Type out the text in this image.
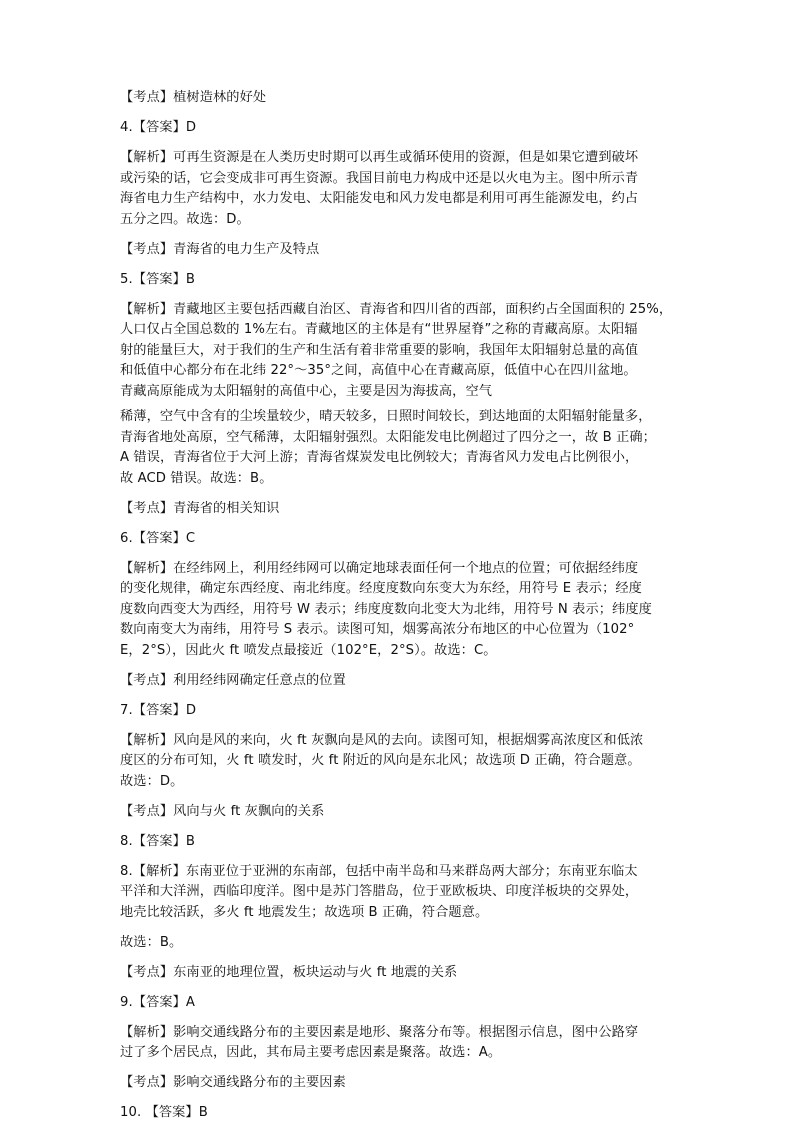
【考点】植树造林的好处
4.【答案】D
【解析】可再生资源是在人类历史时期可以再生或循环使用的资源，但是如果它遭到破坏
或污染的话，它会变成非可再生资源。我国目前电力构成中还是以火电为主。图中所示青
海省电力生产结构中，水力发电、太阳能发电和风力发电都是利用可再生能源发电，约占
五分之四。故选：D。
【考点】青海省的电力生产及特点
5.【答案】B
【解析】青藏地区主要包括西藏自治区、青海省和四川省的西部，面积约占全国面积的 25%，
人口仅占全国总数的 1%左右。青藏地区的主体是有“世界屋脊”之称的青藏高原。太阳辐
射的能量巨大，对于我们的生产和生活有着非常重要的影响，我国年太阳辐射总量的高值
和低值中心都分布在北纬 22°～35°之间，高值中心在青藏高原，低值中心在四川盆地。
青藏高原能成为太阳辐射的高值中心，主要是因为海拔高，空气
稀薄，空气中含有的尘埃量较少，晴天较多，日照时间较长，到达地面的太阳辐射能量多，
青海省地处高原，空气稀薄，太阳辐射强烈。太阳能发电比例超过了四分之一，故 B 正确；
A 错误，青海省位于大河上游；青海省煤炭发电比例较大；青海省风力发电占比例很小，
故 ACD 错误。故选：B。
【考点】青海省的相关知识
6.【答案】C
【解析】在经纬网上，利用经纬网可以确定地球表面任何一个地点的位置；可依据经纬度
的变化规律，确定东西经度、南北纬度。经度度数向东变大为东经，用符号 E 表示；经度
度数向西变大为西经，用符号 W 表示；纬度度数向北变大为北纬，用符号 N 表示；纬度度
数向南变大为南纬，用符号 S 表示。读图可知，烟雾高浓分布地区的中心位置为（102°
E，2°S），因此火 ft 喷发点最接近（102°E，2°S）。故选：C。
【考点】利用经纬网确定任意点的位置
7.【答案】D
【解析】风向是风的来向，火 ft 灰飘向是风的去向。读图可知，根据烟雾高浓度区和低浓
度区的分布可知，火 ft 喷发时，火 ft 附近的风向是东北风；故选项 D 正确，符合题意。
故选：D。
【考点】风向与火 ft 灰飘向的关系
8.【答案】B
8.【解析】东南亚位于亚洲的东南部，包括中南半岛和马来群岛两大部分；东南亚东临太
平洋和大洋洲，西临印度洋。图中是苏门答腊岛，位于亚欧板块、印度洋板块的交界处，
地壳比较活跃，多火 ft 地震发生；故选项 B 正确，符合题意。
故选：B。
【考点】东南亚的地理位置，板块运动与火 ft 地震的关系
9.【答案】A
【解析】影响交通线路分布的主要因素是地形、聚落分布等。根据图示信息，图中公路穿
过了多个居民点，因此，其布局主要考虑因素是聚落。故选：A。
【考点】影响交通线路分布的主要因素
10. 【答案】B
